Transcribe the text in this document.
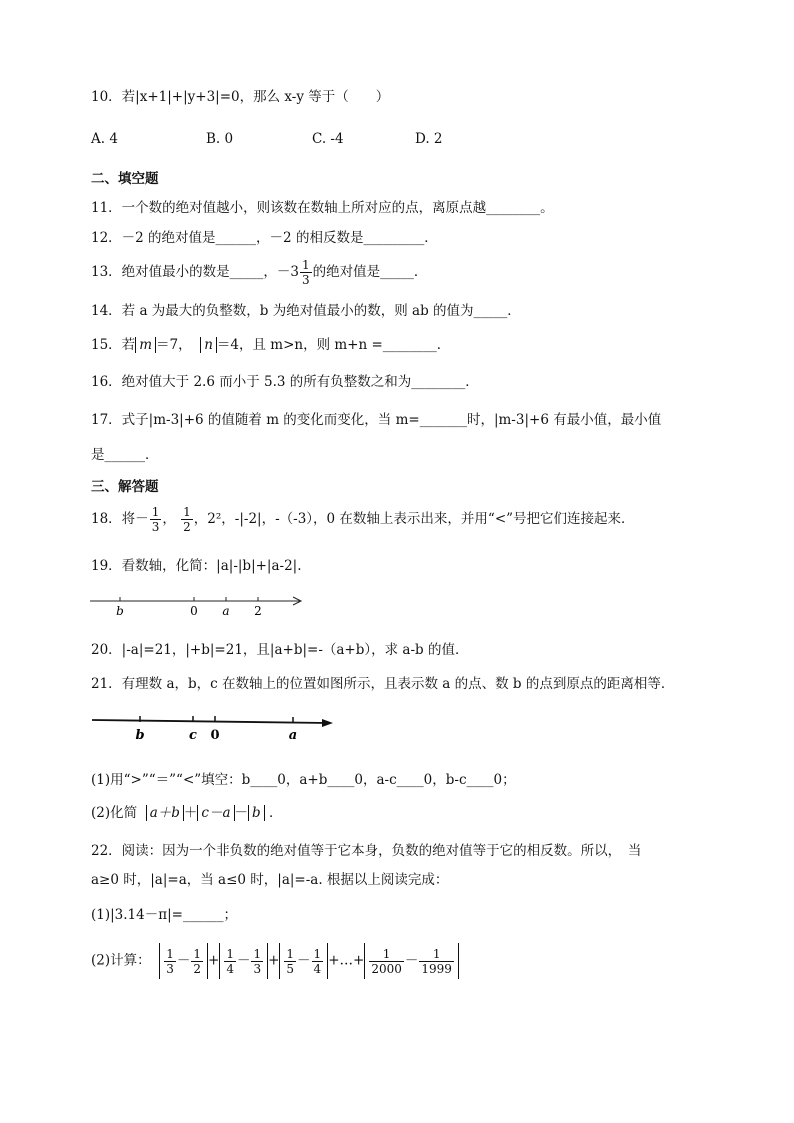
10．若|x+1|+|y+3|=0，那么 x-y 等于（　　）
A. 4	B. 0	C. -4	D. 2
二、填空题
11．一个数的绝对值越小，则该数在数轴上所对应的点，离原点越________。
12．－2 的绝对值是______，－2 的相反数是_________．
13．绝对值最小的数是_____，$-3 \frac{1}{3}$ 的绝对值是_____．
14．若 a 为最大的负整数，b 为绝对值最小的数，则 ab 的值为_____．
15．若 m ＝7， n ＝4，且 m>n，则 m+n =________．
16．绝对值大于 2.6 而小于 5.3 的所有负整数之和为________．
17．式子|m-3|+6 的值随着 m 的变化而变化，当 m=_______时，|m-3|+6 有最小值，最小值
是______．
三、解答题
18．将－ $\frac{1}{3}$ ， $\frac{1}{2}$ ，2²，-|-2|，-（-3），0 在数轴上表示出来，并用“<”号把它们连接起来．
19．看数轴，化简：|a|-|b|+|a-2|.
b	0 a 2
20．|-a|=21，|+b|=21，且|a+b|=-（a+b），求 a-b 的值．
21．有理数 a，b，c 在数轴上的位置如图所示，且表示数 a 的点、数 b 的点到原点的距离相等．
b	c 0	a
(1)用“>”“＝”“<”填空：b____0，a+b____0，a-c____0，b-c____0；
(2)化简 a＋b ＋ c－a － b ．
22．阅读：因为一个非负数的绝对值等于它本身，负数的绝对值等于它的相反数。所以，　当
a≥0 时，|a|=a，当 a≤0 时，|a|=-a. 根据以上阅读完成：
(1)|3.14－π|=______；
(2)计算： $\frac{1}{3} - \frac{1}{2} + \frac{1}{4} - \frac{1}{3} + \frac{1}{5} - \frac{1}{4}$ +…+ $\frac{1}{2000} - \frac{1}{1999}$
